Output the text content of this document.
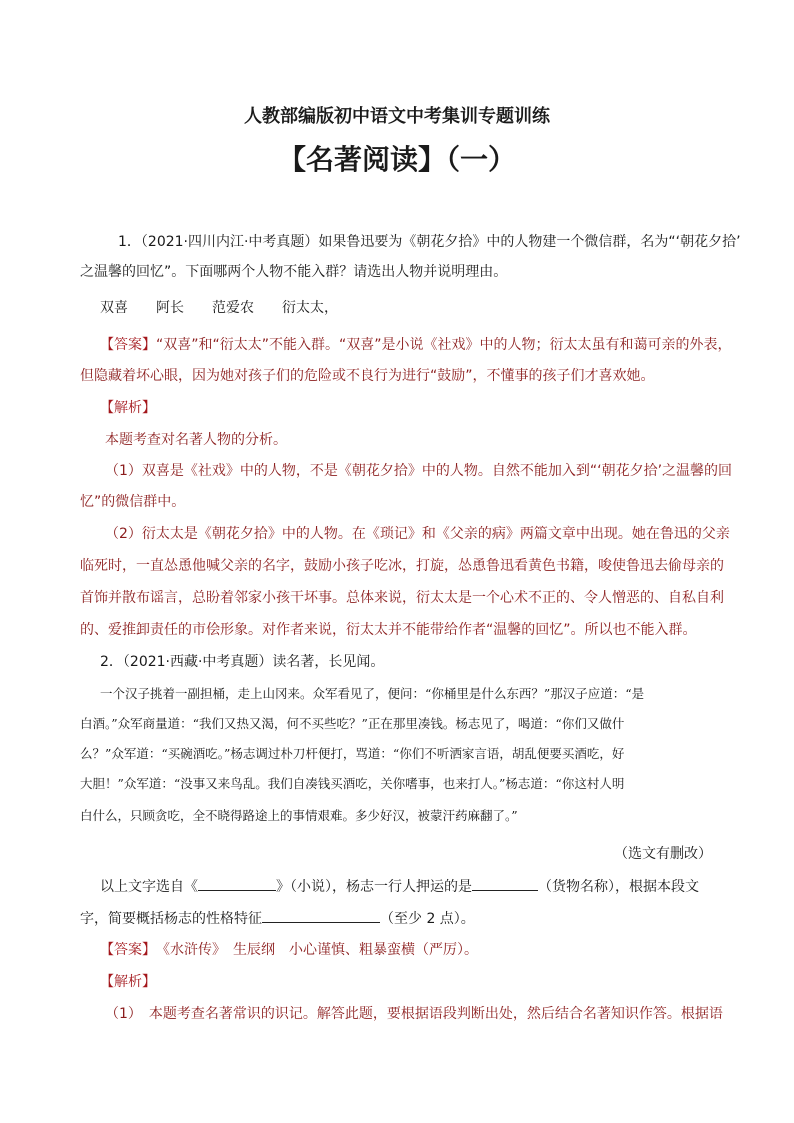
人教部编版初中语文中考集训专题训练
【名著阅读】（一）
1．（2021·四川内江·中考真题）如果鲁迅要为《朝花夕拾》中的人物建一个微信群，名为“‘朝花夕拾’
之温馨的回忆”。下面哪两个人物不能入群？请选出人物并说明理由。
双喜　　阿长　　范爱农　　衍太太，
【答案】“双喜”和“衍太太”不能入群。“双喜”是小说《社戏》中的人物；衍太太虽有和蔼可亲的外表，
但隐藏着坏心眼，因为她对孩子们的危险或不良行为进行“鼓励”，不懂事的孩子们才喜欢她。
【解析】
本题考查对名著人物的分析。
（1）双喜是《社戏》中的人物，不是《朝花夕拾》中的人物。自然不能加入到“‘朝花夕拾’之温馨的回
忆”的微信群中。
（2）衍太太是《朝花夕拾》中的人物。在《琐记》和《父亲的病》两篇文章中出现。她在鲁迅的父亲
临死时，一直怂恿他喊父亲的名字，鼓励小孩子吃冰，打旋，怂恿鲁迅看黄色书籍，唆使鲁迅去偷母亲的
首饰并散布谣言，总盼着邻家小孩干坏事。总体来说，衍太太是一个心术不正的、令人憎恶的、自私自利
的、爱推卸责任的市侩形象。对作者来说，衍太太并不能带给作者“温馨的回忆”。所以也不能入群。
2．（2021·西藏·中考真题）读名著，长见闻。
一个汉子挑着一副担桶，走上山冈来。众军看见了，便问：“你桶里是什么东西？”那汉子应道：“是
白酒。”众军商量道：“我们又热又渴，何不买些吃？”正在那里凑钱。杨志见了，喝道：“你们又做什
么？”众军道：“买碗酒吃。”杨志调过朴刀杆便打，骂道：“你们不听洒家言语，胡乱便要买酒吃，好
大胆！”众军道：“没事又来鸟乱。我们自凑钱买酒吃，关你嗜事，也来打人。”杨志道：“你这村人明
白什么，只顾贪吃，全不晓得路途上的事情艰难。多少好汉，被蒙汗药麻翻了。”
（选文有删改）
以上文字选自《	》（小说），杨志一行人押运的是	（货物名称），根据本段文
字，简要概括杨志的性格特征	（至少 2 点）。
【答案】　《水浒传》　生辰纲　小心谨慎、粗暴蛮横（严厉）。
【解析】
（1）　本题考查名著常识的识记。解答此题，要根据语段判断出处，然后结合名著知识作答。根据语
